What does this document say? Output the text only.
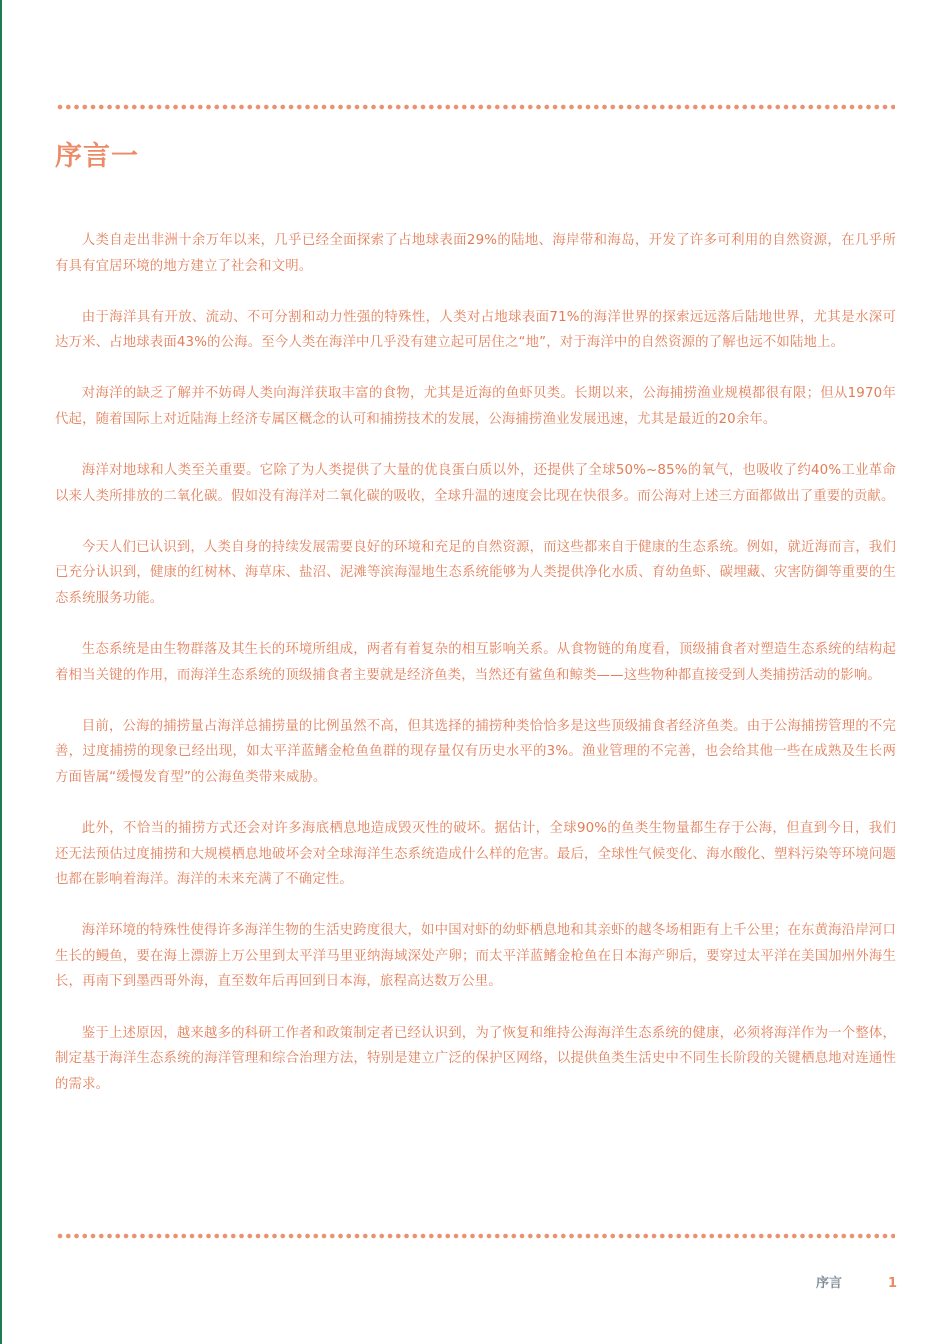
序言一

人类自走出非洲十余万年以来，几乎已经全面探索了占地球表面29%的陆地、海岸带和海岛，开发了许多可利用的自然资源，在几乎所有具有宜居环境的地方建立了社会和文明。

由于海洋具有开放、流动、不可分割和动力性强的特殊性，人类对占地球表面71%的海洋世界的探索远远落后陆地世界，尤其是水深可达万米、占地球表面43%的公海。至今人类在海洋中几乎没有建立起可居住之“地”，对于海洋中的自然资源的了解也远不如陆地上。

对海洋的缺乏了解并不妨碍人类向海洋获取丰富的食物，尤其是近海的鱼虾贝类。长期以来，公海捕捞渔业规模都很有限；但从1970年代起，随着国际上对近陆海上经济专属区概念的认可和捕捞技术的发展，公海捕捞渔业发展迅速，尤其是最近的20余年。

海洋对地球和人类至关重要。它除了为人类提供了大量的优良蛋白质以外，还提供了全球50%~85%的氧气，也吸收了约40%工业革命以来人类所排放的二氧化碳。假如没有海洋对二氧化碳的吸收，全球升温的速度会比现在快很多。而公海对上述三方面都做出了重要的贡献。

今天人们已认识到，人类自身的持续发展需要良好的环境和充足的自然资源，而这些都来自于健康的生态系统。例如，就近海而言，我们已充分认识到，健康的红树林、海草床、盐沼、泥滩等滨海湿地生态系统能够为人类提供净化水质、育幼鱼虾、碳埋藏、灾害防御等重要的生态系统服务功能。

生态系统是由生物群落及其生长的环境所组成，两者有着复杂的相互影响关系。从食物链的角度看，顶级捕食者对塑造生态系统的结构起着相当关键的作用，而海洋生态系统的顶级捕食者主要就是经济鱼类，当然还有鲨鱼和鲸类——这些物种都直接受到人类捕捞活动的影响。

目前，公海的捕捞量占海洋总捕捞量的比例虽然不高，但其选择的捕捞种类恰恰多是这些顶级捕食者经济鱼类。由于公海捕捞管理的不完善，过度捕捞的现象已经出现，如太平洋蓝鳍金枪鱼鱼群的现存量仅有历史水平的3%。渔业管理的不完善，也会给其他一些在成熟及生长两方面皆属“缓慢发育型”的公海鱼类带来威胁。

此外，不恰当的捕捞方式还会对许多海底栖息地造成毁灭性的破坏。据估计，全球90%的鱼类生物量都生存于公海，但直到今日，我们还无法预估过度捕捞和大规模栖息地破坏会对全球海洋生态系统造成什么样的危害。最后，全球性气候变化、海水酸化、塑料污染等环境问题也都在影响着海洋。海洋的未来充满了不确定性。

海洋环境的特殊性使得许多海洋生物的生活史跨度很大，如中国对虾的幼虾栖息地和其亲虾的越冬场相距有上千公里；在东黄海沿岸河口生长的鳗鱼，要在海上漂游上万公里到太平洋马里亚纳海域深处产卵；而太平洋蓝鳍金枪鱼在日本海产卵后，要穿过太平洋在美国加州外海生长，再南下到墨西哥外海，直至数年后再回到日本海，旅程高达数万公里。

鉴于上述原因，越来越多的科研工作者和政策制定者已经认识到，为了恢复和维持公海海洋生态系统的健康，必须将海洋作为一个整体，制定基于海洋生态系统的海洋管理和综合治理方法，特别是建立广泛的保护区网络，以提供鱼类生活史中不同生长阶段的关键栖息地对连通性的需求。

序言	1
